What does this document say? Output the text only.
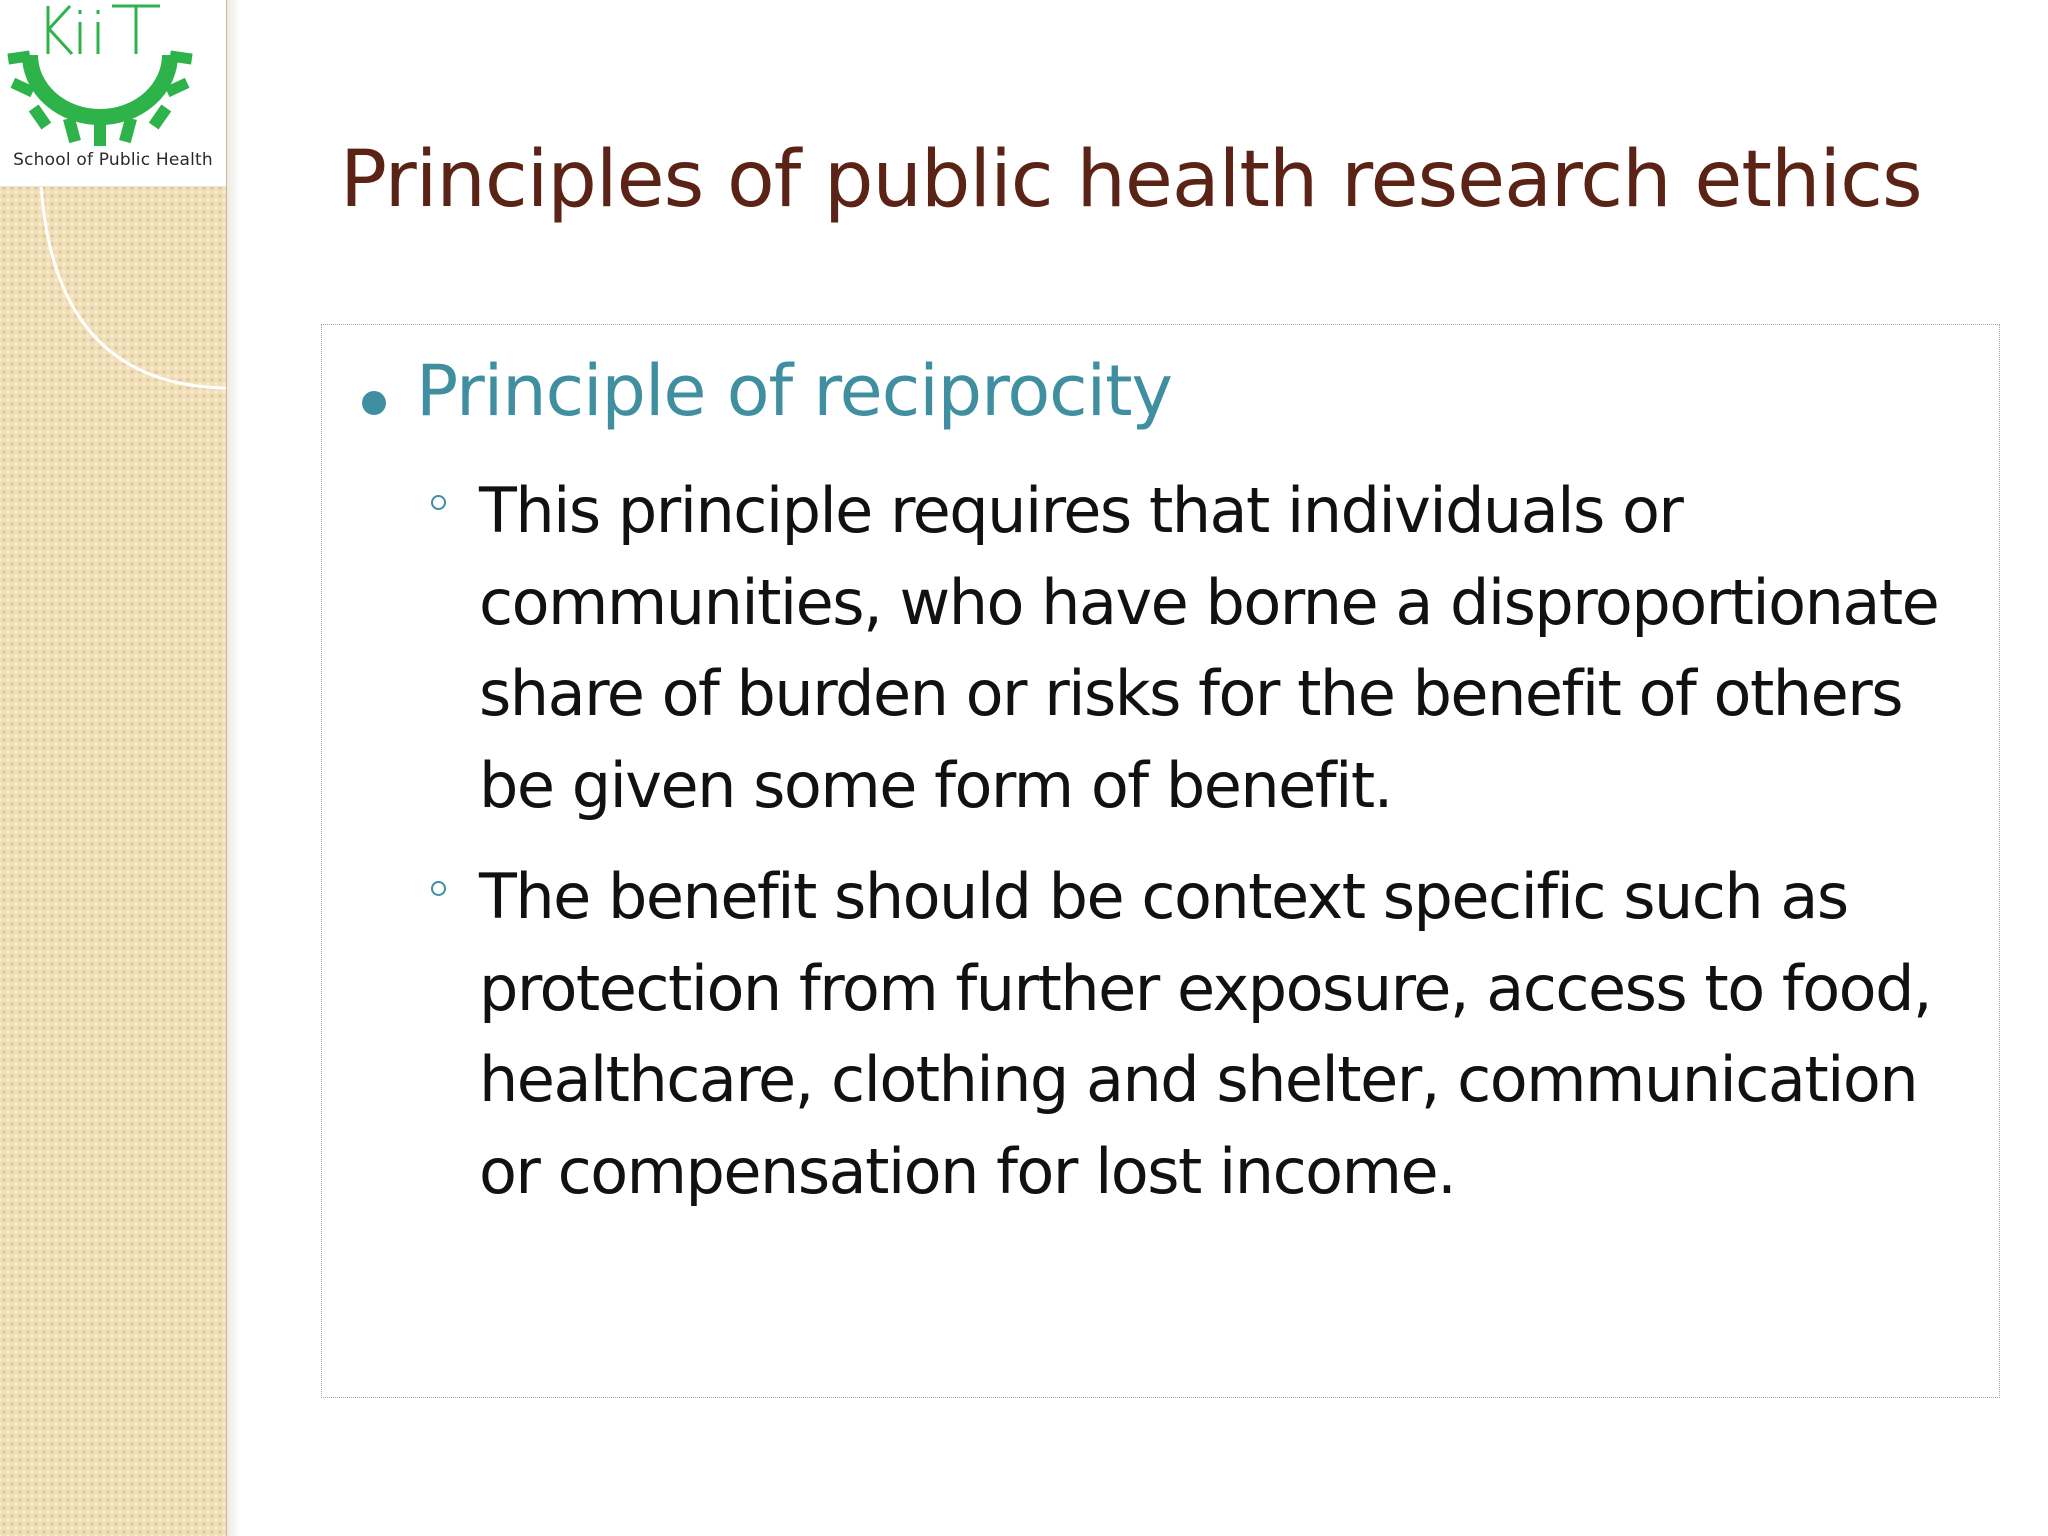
School of Public Health Principles of public health research ethics
Principle of reciprocity
This principle requires that individuals or communities, who have borne a disproportionate share of burden or risks for the benefit of others be given some form of benefit.
The benefit should be context specific such as protection from further exposure, access to food, healthcare, clothing and shelter, communication or compensation for lost income.
